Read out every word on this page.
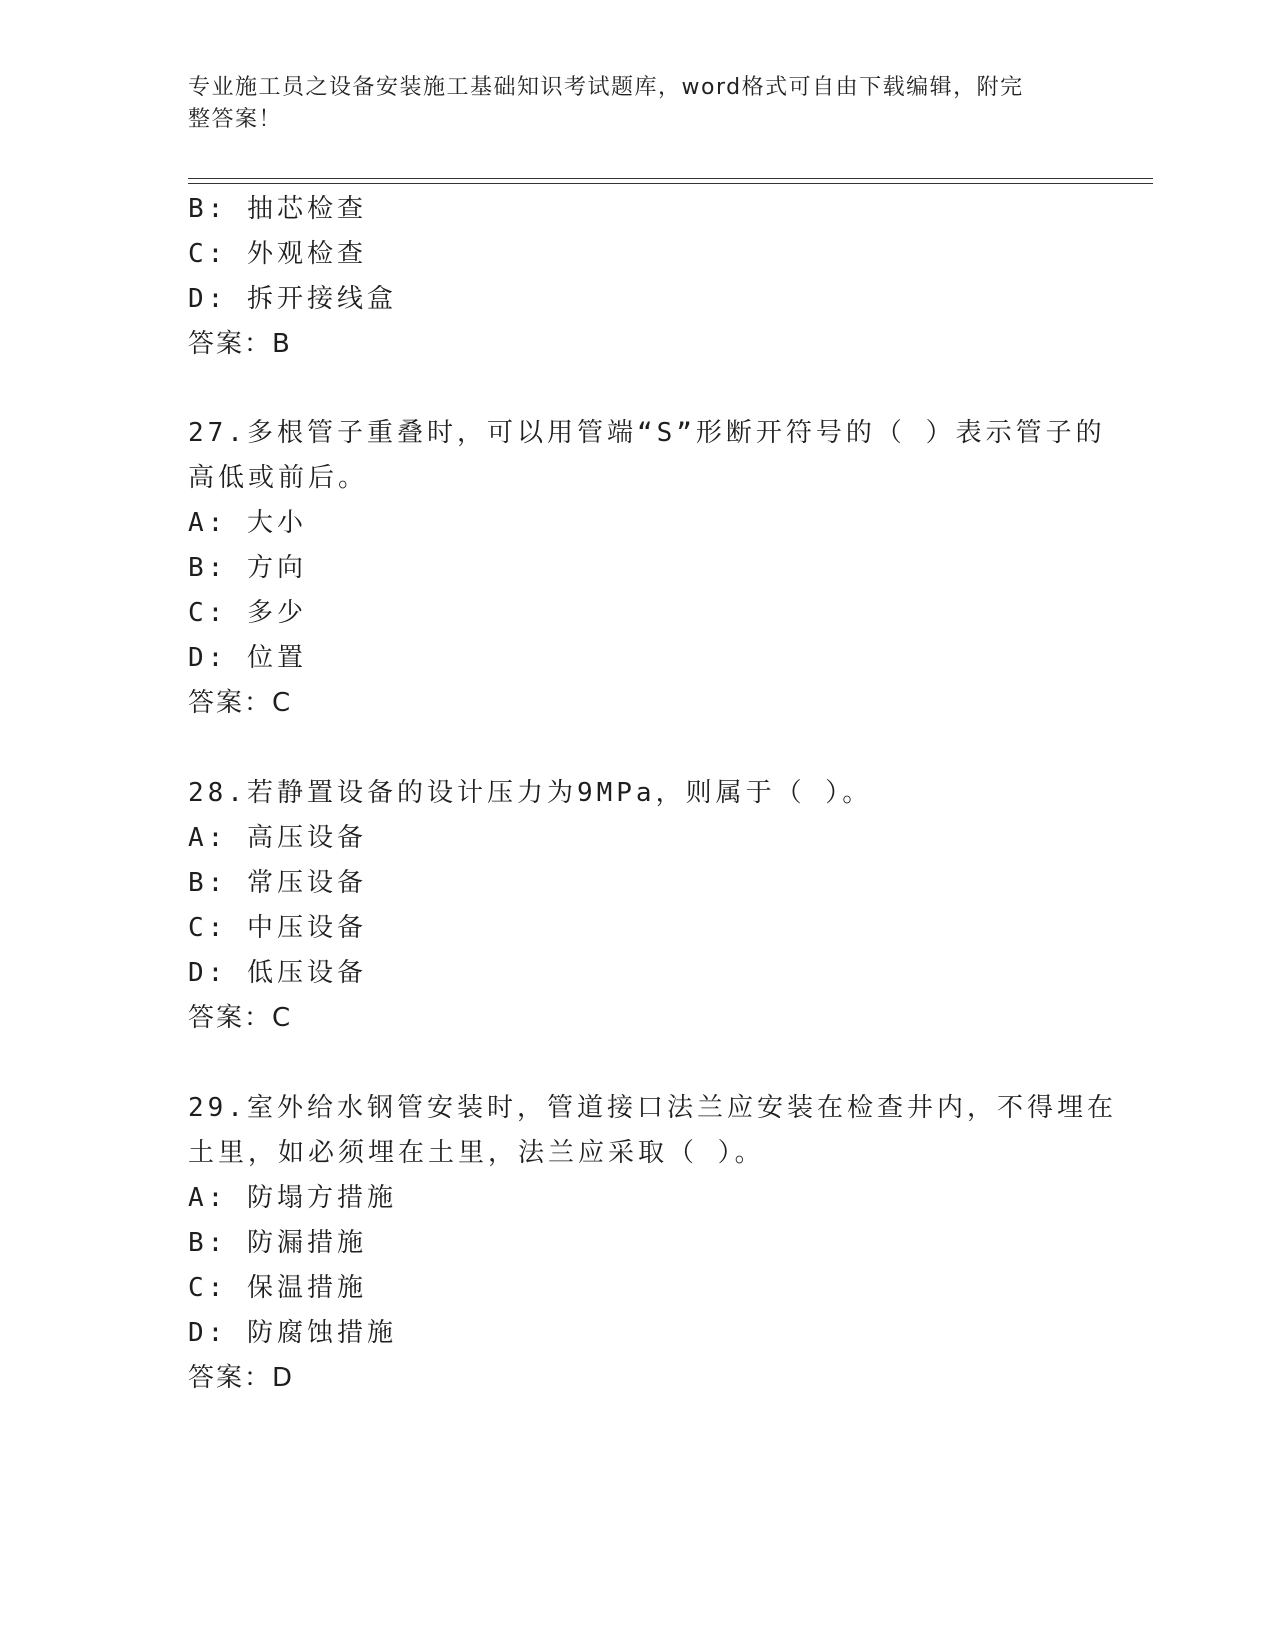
专业施工员之设备安装施工基础知识考试题库，word格式可自由下载编辑，附完
整答案！
B: 抽芯检查
C: 外观检查
D: 拆开接线盒
答案：B
27.多根管子重叠时，可以用管端“S”形断开符号的（ ）表示管子的
高低或前后。
A: 大小
B: 方向
C: 多少
D: 位置
答案：C
28.若静置设备的设计压力为9MPa，则属于（ ）。
A: 高压设备
B: 常压设备
C: 中压设备
D: 低压设备
答案：C
29.室外给水钢管安装时，管道接口法兰应安装在检查井内，不得埋在
土里，如必须埋在土里，法兰应采取（ ）。
A: 防塌方措施
B: 防漏措施
C: 保温措施
D: 防腐蚀措施
答案：D
